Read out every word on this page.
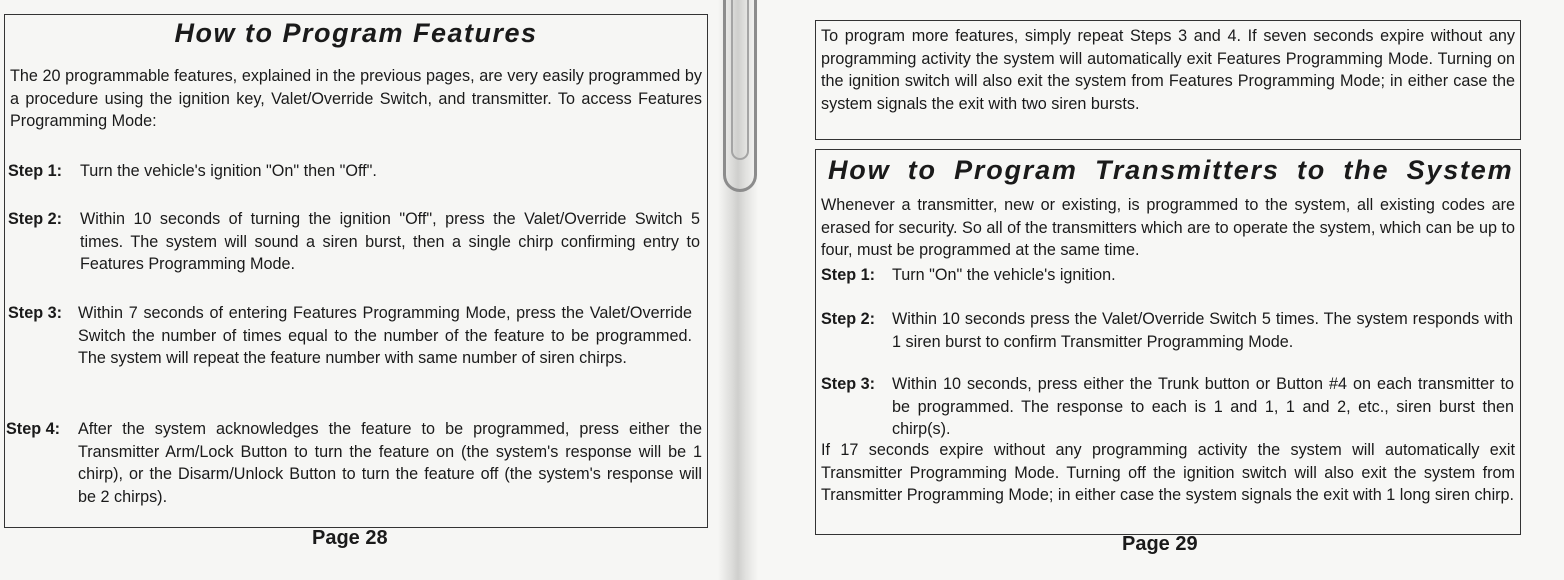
How to Program Features

The 20 programmable features, explained in the previous pages, are very easily programmed by a procedure using the ignition key, Valet/Override Switch, and transmitter. To access Features Programming Mode:

Step 1: Turn the vehicle's ignition "On" then "Off".
Step 2: Within 10 seconds of turning the ignition "Off", press the Valet/Override Switch 5 times. The system will sound a siren burst, then a single chirp confirming entry to Features Programming Mode.
Step 3: Within 7 seconds of entering Features Programming Mode, press the Valet/Override Switch the number of times equal to the number of the feature to be programmed. The system will repeat the feature number with same number of siren chirps.
Step 4: After the system acknowledges the feature to be programmed, press either the Transmitter Arm/Lock Button to turn the feature on (the system's response will be 1 chirp), or the Disarm/Unlock Button to turn the feature off (the system's response will be 2 chirps).
Page 28

To program more features, simply repeat Steps 3 and 4. If seven seconds expire without any programming activity the system will automatically exit Features Programming Mode. Turning on the ignition switch will also exit the system from Features Programming Mode; in either case the system signals the exit with two siren bursts.

How to Program Transmitters to the System

Whenever a transmitter, new or existing, is programmed to the system, all existing codes are erased for security. So all of the transmitters which are to operate the system, which can be up to four, must be programmed at the same time.

Step 1: Turn "On" the vehicle's ignition.
Step 2: Within 10 seconds press the Valet/Override Switch 5 times. The system responds with 1 siren burst to confirm Transmitter Programming Mode.
Step 3: Within 10 seconds, press either the Trunk button or Button #4 on each transmitter to be programmed. The response to each is 1 and 1, 1 and 2, etc., siren burst then chirp(s).

If 17 seconds expire without any programming activity the system will automatically exit Transmitter Programming Mode. Turning off the ignition switch will also exit the system from Transmitter Programming Mode; in either case the system signals the exit with 1 long siren chirp.

Page 29
